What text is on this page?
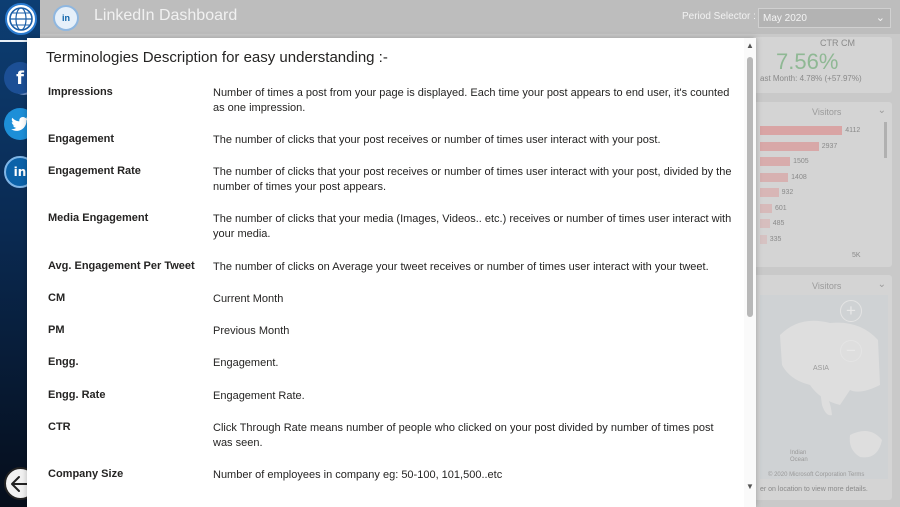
f
in
in	LinkedIn Dashboard	Period Selector : May 2020	⌄
CTR CM
7.56%
ast Month: 4.78% (+57.97%)
Visitors	⌄
4112
2937
1505
1408
932
601
485
335
5K
Visitors	⌄
+
−
ASIA
Indian
Ocean
© 2020 Microsoft Corporation Terms
er on location to view more details.
Terminologies Description for easy understanding :-
Impressions	Number of times a post from your page is displayed. Each time your post appears to end user, it's counted as one impression.
Engagement	The number of clicks that your post receives or number of times user interact with your post.
Engagement Rate	The number of clicks that your post receives or number of times user interact with your post, divided by the number of times your post appears.
Media Engagement	The number of clicks that your media (Images, Videos.. etc.) receives or number of times user interact with your media.
Avg. Engagement Per Tweet	The number of clicks on Average your tweet receives or number of times user interact with your tweet.
CM	Current Month
PM	Previous Month
Engg.	Engagement.
Engg. Rate	Engagement Rate.
CTR	Click Through Rate means number of people who clicked on your post divided by number of times post was seen.
Company Size	Number of employees in company eg: 50-100, 101,500..etc
▲
▼
